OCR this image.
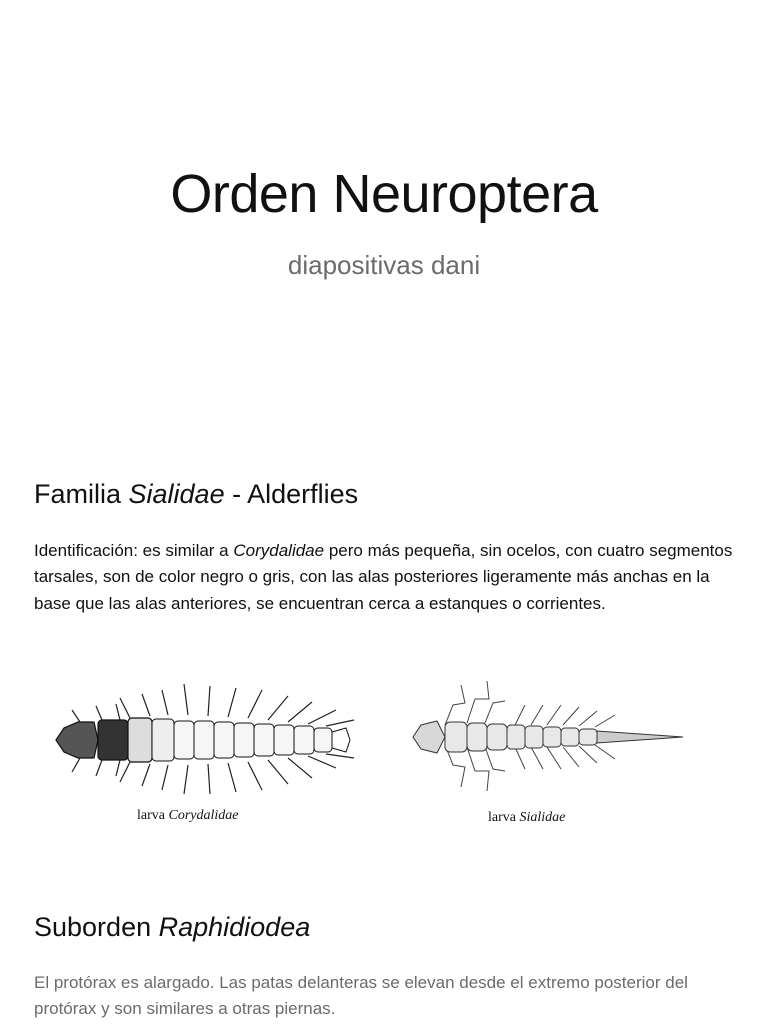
Orden Neuroptera

diapositivas dani

Familia Sialidae - Alderflies

Identificación: es similar a Corydalidae pero más pequeña, sin ocelos, con cuatro segmentos tarsales, son de color negro o gris, con las alas posteriores ligeramente más anchas en la base que las alas anteriores, se encuentran cerca a estanques o corrientes.

larva Corydalidae	larva Sialidae
Suborden Raphidiodea

El protórax es alargado. Las patas delanteras se elevan desde el extremo posterior del protórax y son similares a otras piernas.
